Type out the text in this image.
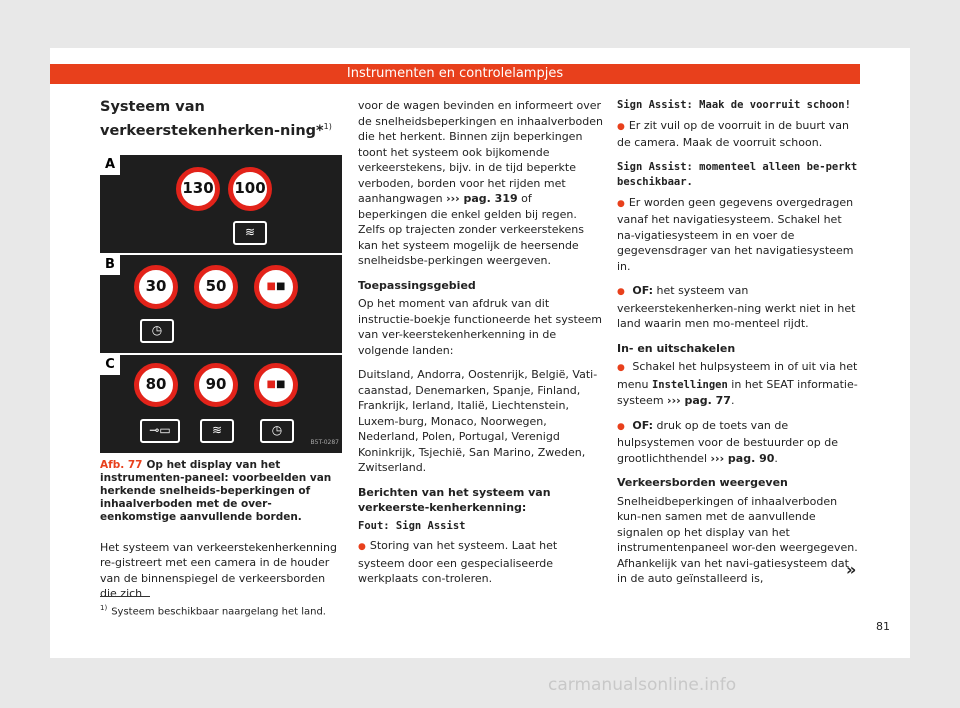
Instrumenten en controlelampjes
Systeem van verkeerstekenherken-ning*$^{1)}$
A
130	100
≋
B
30	50	■ ■
◷
C
80	90	■ ■
⊸▭	≋	◷
B5T-0287
Afb. 77 Op het display van het instrumenten-paneel: voorbeelden van herkende snelheids-beperkingen of inhaalverboden met de over-eenkomstige aanvullende borden.

Het systeem van verkeerstekenherkenning re-gistreert met een camera in de houder van de binnenspiegel de verkeersborden die zich

voor de wagen bevinden en informeert over de snelheidsbeperkingen en inhaalverboden die het herkent. Binnen zijn beperkingen toont het systeem ook bijkomende verkeerstekens, bijv. in de tijd beperkte verboden, borden voor het rijden met aanhangwagen ››› pag. 319 of beperkingen die enkel gelden bij regen. Zelfs op trajecten zonder verkeerstekens kan het systeem mogelijk de heersende snelheidsbe-perkingen weergeven.

Toepassingsgebied

Op het moment van afdruk van dit instructie-boekje functioneerde het systeem van ver-keerstekenherkenning in de volgende landen:

Duitsland, Andorra, Oostenrijk, België, Vati-caanstad, Denemarken, Spanje, Finland, Frankrijk, Ierland, Italië, Liechtenstein, Luxem-burg, Monaco, Noorwegen, Nederland, Polen, Portugal, Verenigd Koninkrijk, Tsjechië, San Marino, Zweden, Zwitserland.

Berichten van het systeem van verkeerste-kenherkenning:

Fout: Sign Assist

● Storing van het systeem. Laat het systeem door een gespecialiseerde werkplaats con-troleren.

Sign Assist: Maak de voorruit schoon!

● Er zit vuil op de voorruit in de buurt van de camera. Maak de voorruit schoon.

Sign Assist: momenteel alleen be-perkt beschikbaar.

● Er worden geen gegevens overgedragen vanaf het navigatiesysteem. Schakel het na-vigatiesysteem in en voer de gegevensdrager van het navigatiesysteem in.

● OF: het systeem van verkeerstekenherken-ning werkt niet in het land waarin men mo-menteel rijdt.

In- en uitschakelen

● Schakel het hulpsysteem in of uit via het menu Instellingen in het SEAT informatie-systeem ››› pag. 77.

● OF: druk op de toets van de hulpsystemen voor de bestuurder op de grootlichthendel ››› pag. 90.

Verkeersborden weergeven

Snelheidbeperkingen of inhaalverboden kun-nen samen met de aanvullende signalen op het display van het instrumentenpaneel wor-den weergegeven. Afhankelijk van het navi-gatiesysteem dat in de auto geïnstalleerd is,	»
$^{1)}$ Systeem beschikbaar naargelang het land.
81
carmanualsonline.info
